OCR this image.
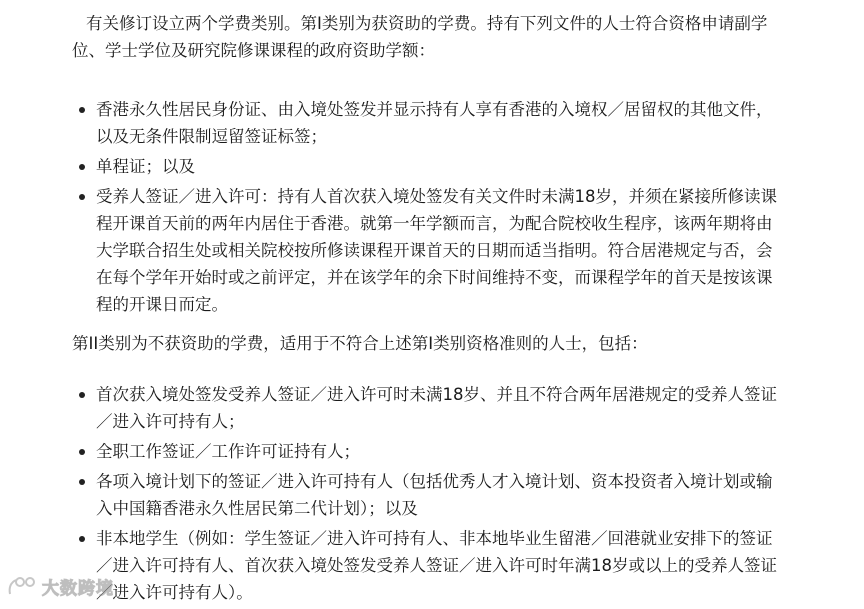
有关修订设立两个学费类别。第I类别为获资助的学费。持有下列文件的人士符合资格申请副学位、学士学位及研究院修课课程的政府资助学额：

香港永久性居民身份证、由入境处签发并显示持有人享有香港的入境权／居留权的其他文件，以及无条件限制逗留签证标签；
单程证；以及
受养人签证／进入许可：持有人首次获入境处签发有关文件时未满18岁，并须在紧接所修读课程开课首天前的两年内居住于香港。就第一年学额而言，为配合院校收生程序，该两年期将由大学联合招生处或相关院校按所修读课程开课首天的日期而适当指明。符合居港规定与否，会在每个学年开始时或之前评定，并在该学年的余下时间维持不变，而课程学年的首天是按该课程的开课日而定。

第II类别为不获资助的学费，适用于不符合上述第I类别资格准则的人士，包括：

首次获入境处签发受养人签证／进入许可时未满18岁、并且不符合两年居港规定的受养人签证／进入许可持有人；
全职工作签证／工作许可证持有人；
各项入境计划下的签证／进入许可持有人（包括优秀人才入境计划、资本投资者入境计划或输入中国籍香港永久性居民第二代计划）；以及
非本地学生（例如：学生签证／进入许可持有人、非本地毕业生留港／回港就业安排下的签证／进入许可持有人、首次获入境处签发受养人签证／进入许可时年满18岁或以上的受养人签证／进入许可持有人）。
大数跨境
